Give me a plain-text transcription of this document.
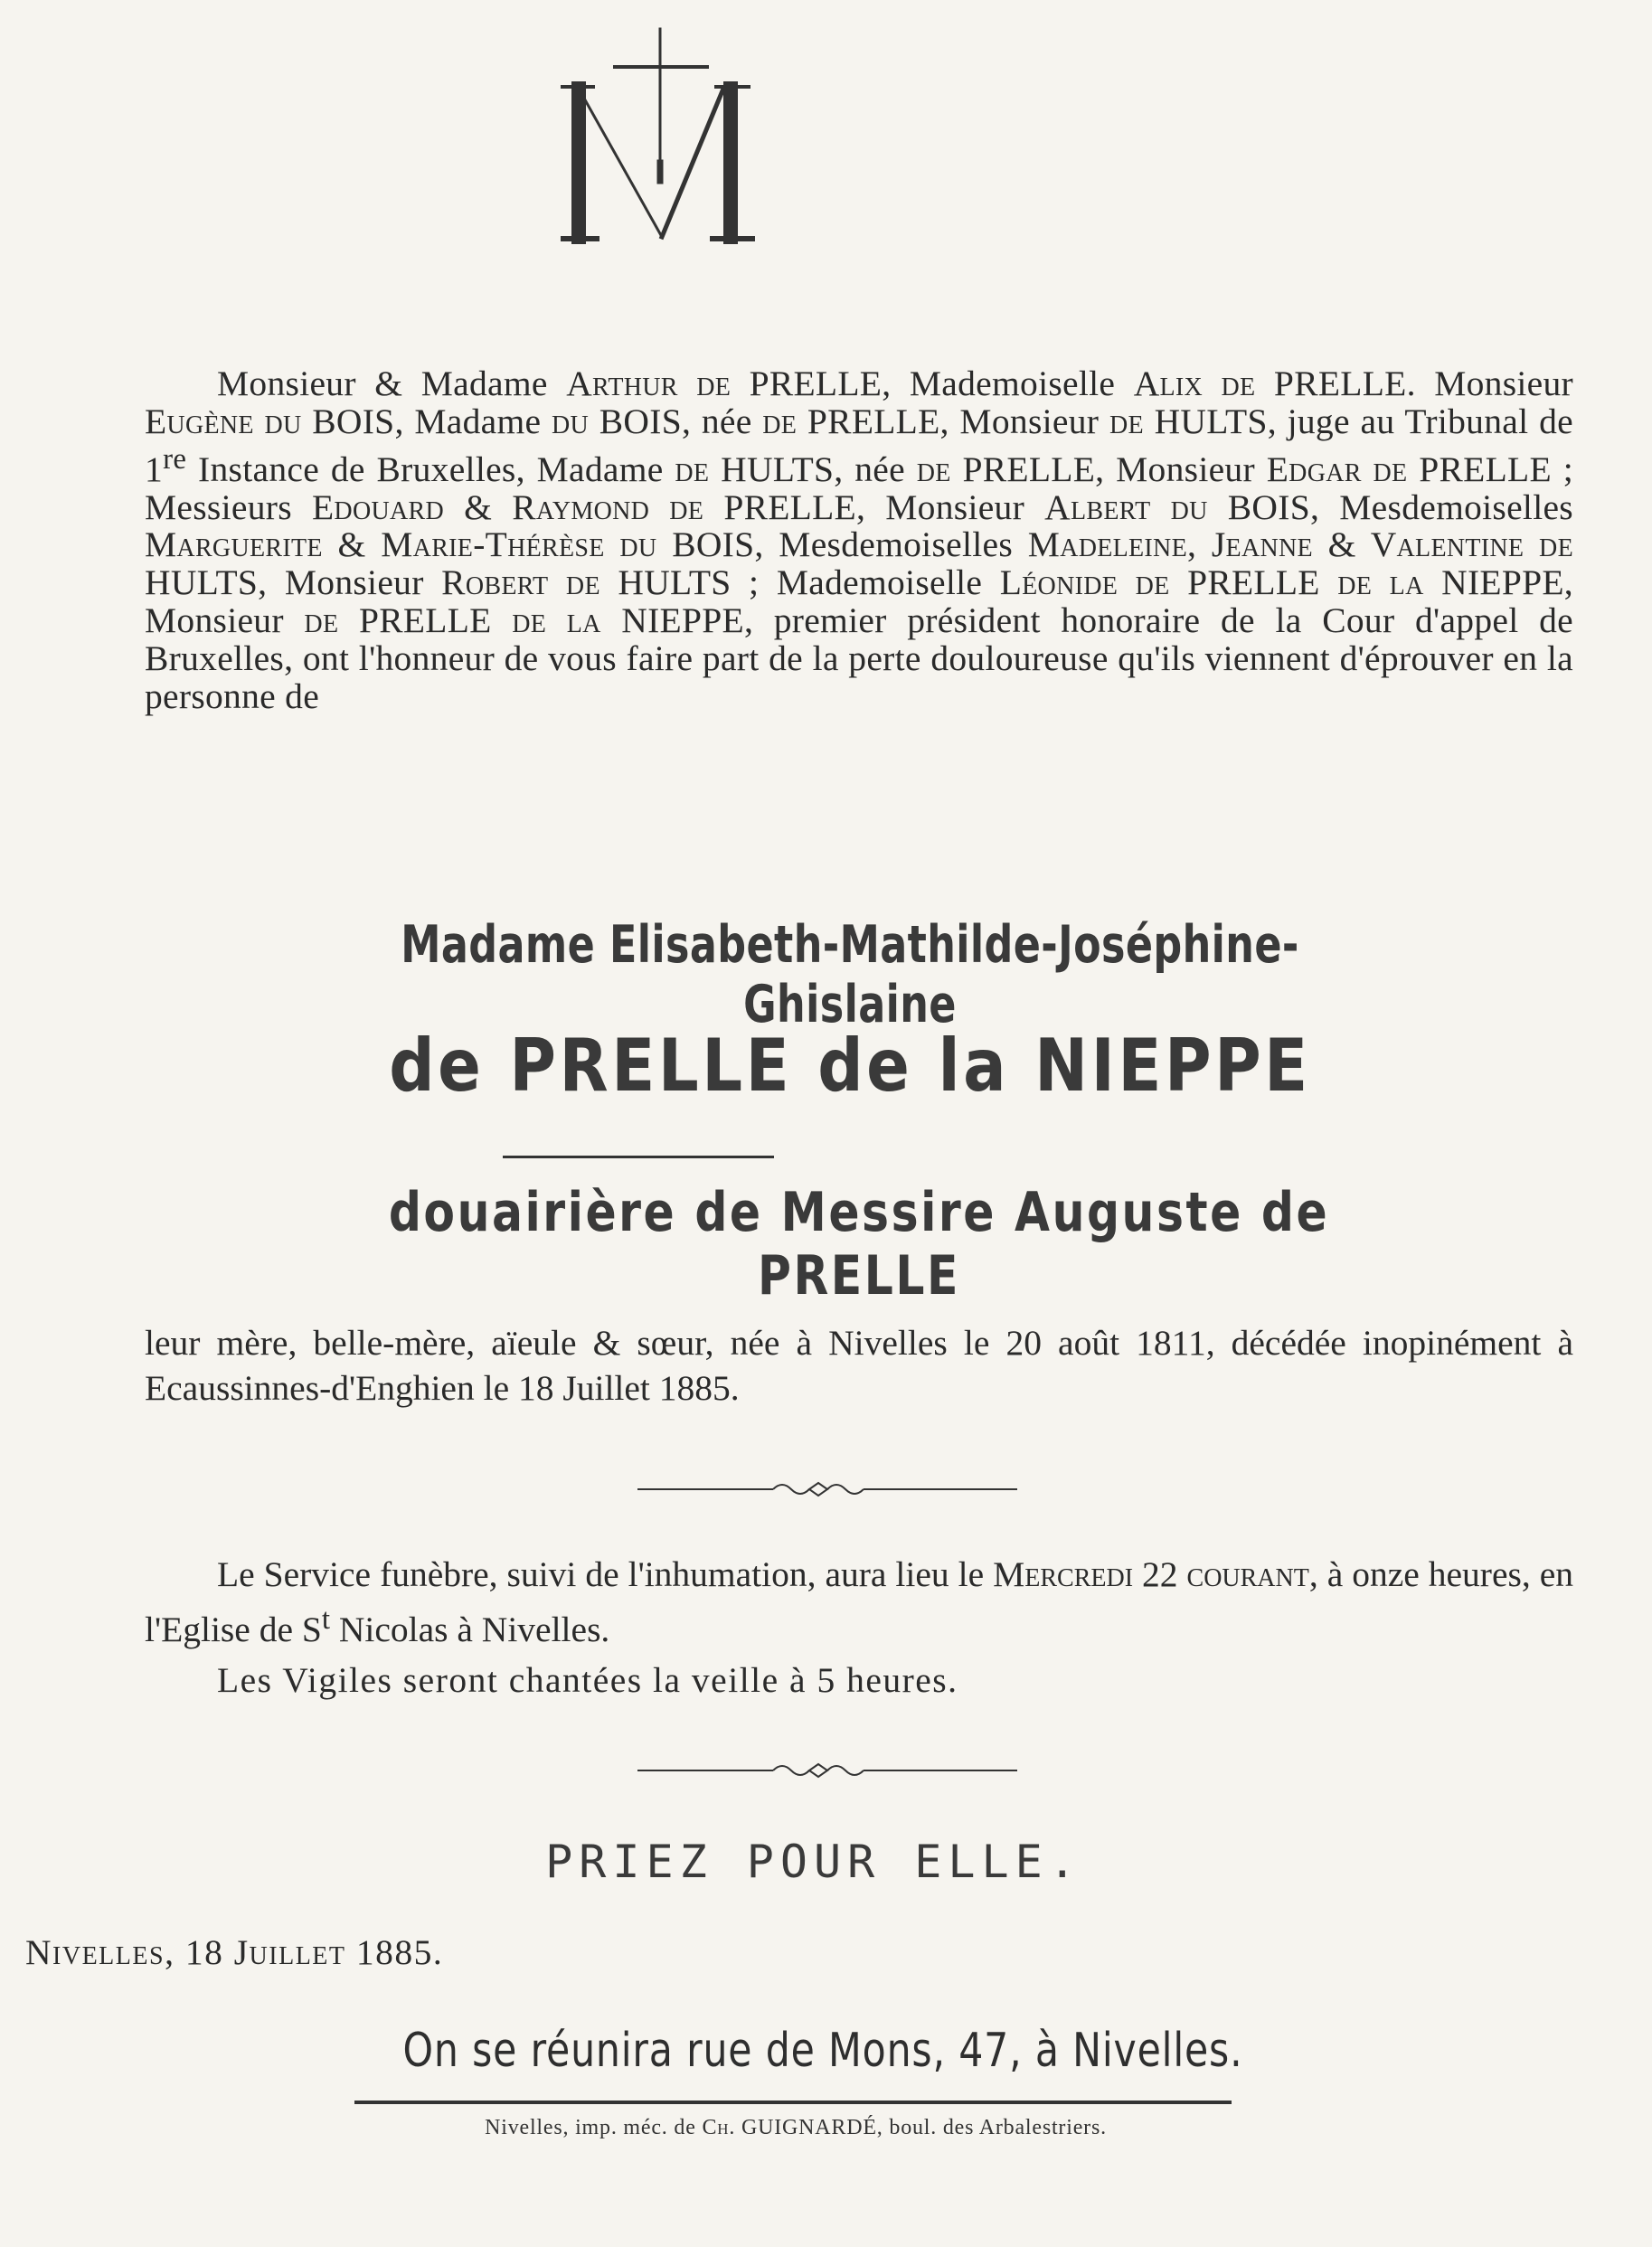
Monsieur & Madame Arthur de PRELLE, Mademoiselle Alix de PRELLE. Monsieur Eugène du BOIS, Madame du BOIS, née de PRELLE, Monsieur de HULTS, juge au Tribunal de 1re Instance de Bruxelles, Madame de HULTS, née de PRELLE, Monsieur Edgar de PRELLE ; Messieurs Edouard & Raymond de PRELLE, Monsieur Albert du BOIS, Mesdemoiselles Marguerite & Marie-Thérèse du BOIS, Mesdemoiselles Madeleine, Jeanne & Valentine de HULTS, Monsieur Robert de HULTS ; Mademoiselle Léonide de PRELLE de la NIEPPE, Monsieur de PRELLE de la NIEPPE, premier président honoraire de la Cour d'appel de Bruxelles, ont l'honneur de vous faire part de la perte douloureuse qu'ils viennent d'éprouver en la personne de
Madame Elisabeth-Mathilde-Joséphine-Ghislaine
de PRELLE de la NIEPPE
douairière de Messire Auguste de PRELLE
leur mère, belle-mère, aïeule & sœur, née à Nivelles le 20 août 1811, décédée inopinément à Ecaussinnes-d'Enghien le 18 Juillet 1885.
Le Service funèbre, suivi de l'inhumation, aura lieu le Mercredi 22 courant, à onze heures, en l'Eglise de $S^t$ Nicolas à Nivelles.
Les Vigiles seront chantées la veille à 5 heures.
PRIEZ POUR ELLE.
Nivelles, 18 Juillet 1885.
On se réunira rue de Mons, 47, à Nivelles.
Nivelles, imp. méc. de Ch. GUIGNARDÉ, boul. des Arbalestriers.
